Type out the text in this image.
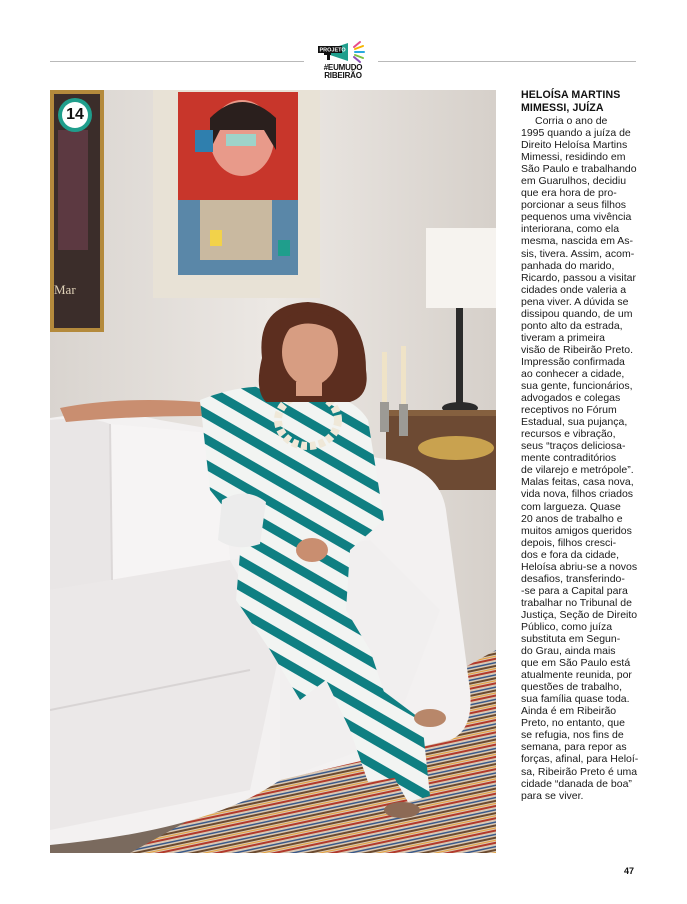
PROJETO
#EUMUDO RIBEIRÃO
Mar
14

HELOÍSA MARTINS
MIMESSI, JUÍZA

Corria o ano de
1995 quando a juíza de
Direito Heloísa Martins
Mimessi, residindo em
São Paulo e trabalhando
em Guarulhos, decidiu
que era hora de pro-
porcionar a seus filhos
pequenos uma vivência
interiorana, como ela
mesma, nascida em As-
sis, tivera. Assim, acom-
panhada do marido,
Ricardo, passou a visitar
cidades onde valeria a
pena viver. A dúvida se
dissipou quando, de um
ponto alto da estrada,
tiveram a primeira
visão de Ribeirão Preto.
Impressão confirmada
ao conhecer a cidade,
sua gente, funcionários,
advogados e colegas
receptivos no Fórum
Estadual, sua pujança,
recursos e vibração,
seus “traços deliciosa-
mente contraditórios
de vilarejo e metrópole”.
Malas feitas, casa nova,
vida nova, filhos criados
com largueza. Quase
20 anos de trabalho e
muitos amigos queridos
depois, filhos cresci-
dos e fora da cidade,
Heloísa abriu-se a novos
desafios, transferindo-
-se para a Capital para
trabalhar no Tribunal de
Justiça, Seção de Direito
Público, como juíza
substituta em Segun-
do Grau, ainda mais
que em São Paulo está
atualmente reunida, por
questões de trabalho,
sua família quase toda.
Ainda é em Ribeirão
Preto, no entanto, que
se refugia, nos fins de
semana, para repor as
forças, afinal, para Heloí-
sa, Ribeirão Preto é uma
cidade “danada de boa”
para se viver.

47
